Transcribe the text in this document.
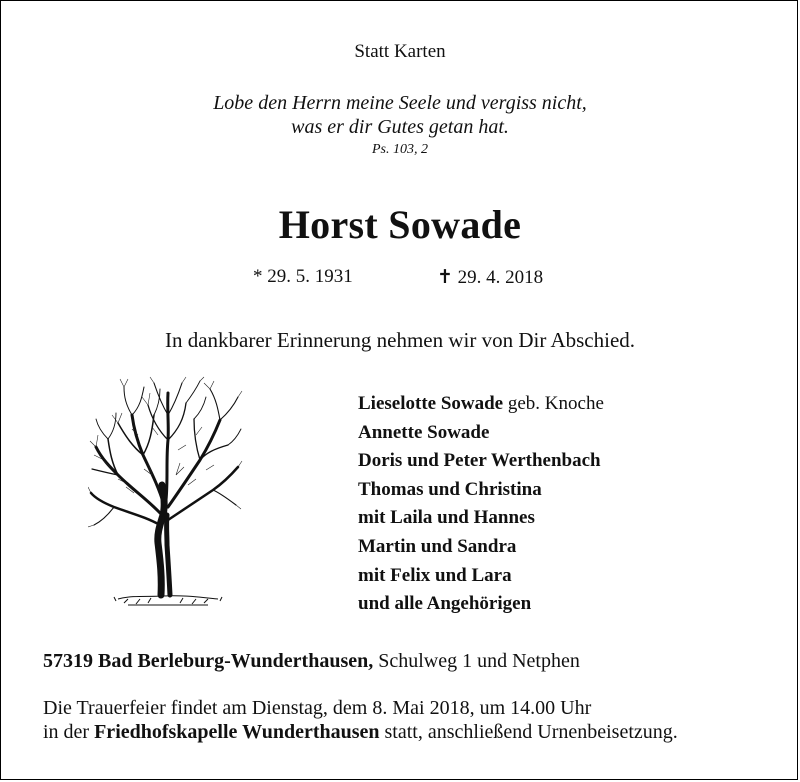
Statt Karten
Lobe den Herrn meine Seele und vergiss nicht,
was er dir Gutes getan hat.
Ps. 103, 2
Horst Sowade
* 29. 5. 1931	✝ 29. 4. 2018
In dankbarer Erinnerung nehmen wir von Dir Abschied.
Lieselotte Sowade geb. Knoche
Annette Sowade
Doris und Peter Werthenbach
Thomas und Christina
mit Laila und Hannes
Martin und Sandra
mit Felix und Lara
und alle Angehörigen
57319 Bad Berleburg-Wunderthausen, Schulweg 1 und Netphen
Die Trauerfeier findet am Dienstag, dem 8. Mai 2018, um 14.00 Uhr
in der Friedhofskapelle Wunderthausen statt, anschließend Urnenbeisetzung.
